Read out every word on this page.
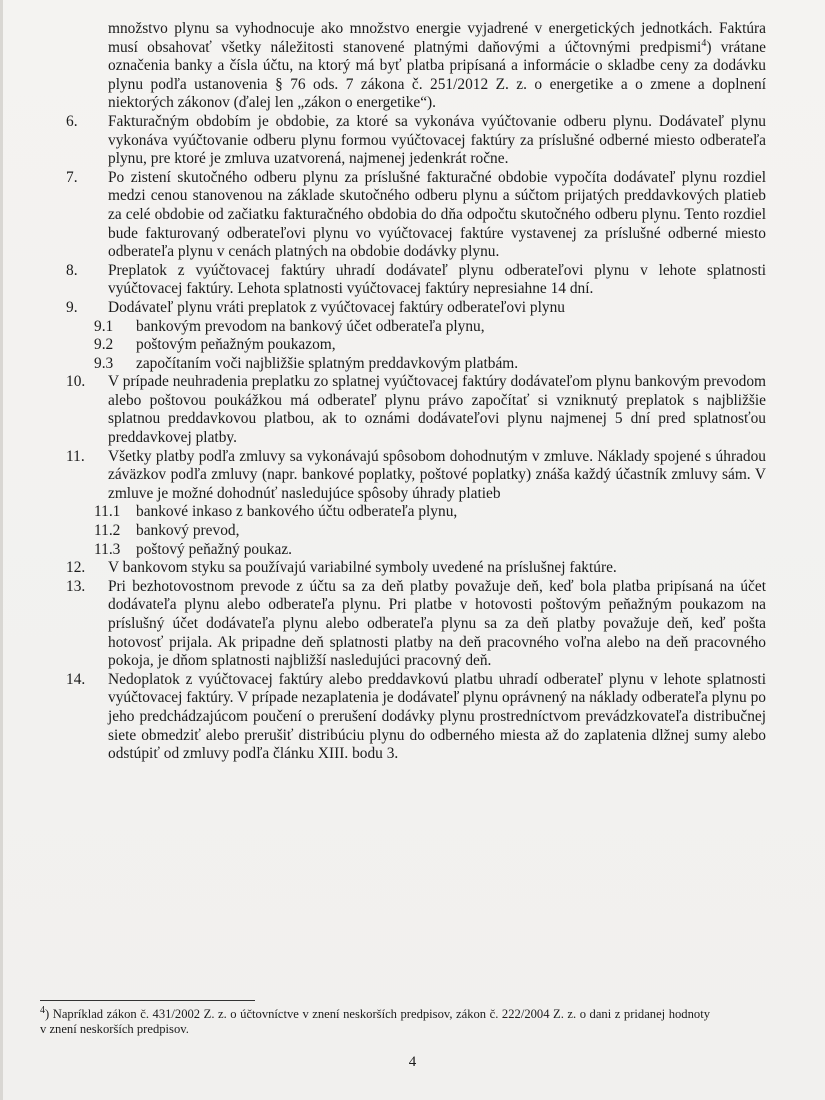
množstvo plynu sa vyhodnocuje ako množstvo energie vyjadrené v energetických jednotkách. Faktúra musí obsahovať všetky náležitosti stanovené platnými daňovými a účtovnými predpismi$^4$) vrátane označenia banky a čísla účtu, na ktorý má byť platba pripísaná a informácie o skladbe ceny za dodávku plynu podľa ustanovenia § 76 ods. 7 zákona č. 251/2012 Z. z. o energetike a o zmene a doplnení niektorých zákonov (ďalej len „zákon o energetike“).
6.	Fakturačným obdobím je obdobie, za ktoré sa vykonáva vyúčtovanie odberu plynu. Dodávateľ plynu vykonáva vyúčtovanie odberu plynu formou vyúčtovacej faktúry za príslušné odberné miesto odberateľa plynu, pre ktoré je zmluva uzatvorená, najmenej jedenkrát ročne.
7.	Po zistení skutočného odberu plynu za príslušné fakturačné obdobie vypočíta dodávateľ plynu rozdiel medzi cenou stanovenou na základe skutočného odberu plynu a súčtom prijatých preddavkových platieb za celé obdobie od začiatku fakturačného obdobia do dňa odpočtu skutočného odberu plynu. Tento rozdiel bude fakturovaný odberateľovi plynu vo vyúčtovacej faktúre vystavenej za príslušné odberné miesto odberateľa plynu v cenách platných na obdobie dodávky plynu.
8.	Preplatok z vyúčtovacej faktúry uhradí dodávateľ plynu odberateľovi plynu v lehote splatnosti vyúčtovacej faktúry. Lehota splatnosti vyúčtovacej faktúry nepresiahne 14 dní.
9.	Dodávateľ plynu vráti preplatok z vyúčtovacej faktúry odberateľovi plynu
9.1	bankovým prevodom na bankový účet odberateľa plynu,
9.2	poštovým peňažným poukazom,
9.3	započítaním voči najbližšie splatným preddavkovým platbám.
10.	V prípade neuhradenia preplatku zo splatnej vyúčtovacej faktúry dodávateľom plynu bankovým prevodom alebo poštovou poukážkou má odberateľ plynu právo započítať si vzniknutý preplatok s najbližšie splatnou preddavkovou platbou, ak to oznámi dodávateľovi plynu najmenej 5 dní pred splatnosťou preddavkovej platby.
11.	Všetky platby podľa zmluvy sa vykonávajú spôsobom dohodnutým v zmluve. Náklady spojené s úhradou záväzkov podľa zmluvy (napr. bankové poplatky, poštové poplatky) znáša každý účastník zmluvy sám. V zmluve je možné dohodnúť nasledujúce spôsoby úhrady platieb
11.1	bankové inkaso z bankového účtu odberateľa plynu,
11.2	bankový prevod,
11.3	poštový peňažný poukaz.
12.	V bankovom styku sa používajú variabilné symboly uvedené na príslušnej faktúre.
13.	Pri bezhotovostnom prevode z účtu sa za deň platby považuje deň, keď bola platba pripísaná na účet dodávateľa plynu alebo odberateľa plynu. Pri platbe v hotovosti poštovým peňažným poukazom na príslušný účet dodávateľa plynu alebo odberateľa plynu sa za deň platby považuje deň, keď pošta hotovosť prijala. Ak pripadne deň splatnosti platby na deň pracovného voľna alebo na deň pracovného pokoja, je dňom splatnosti najbližší nasledujúci pracovný deň.
14.	Nedoplatok z vyúčtovacej faktúry alebo preddavkovú platbu uhradí odberateľ plynu v lehote splatnosti vyúčtovacej faktúry. V prípade nezaplatenia je dodávateľ plynu oprávnený na náklady odberateľa plynu po jeho predchádzajúcom poučení o prerušení dodávky plynu prostredníctvom prevádzkovateľa distribučnej siete obmedziť alebo prerušiť distribúciu plynu do odberného miesta až do zaplatenia dlžnej sumy alebo odstúpiť od zmluvy podľa článku XIII. bodu 3.
$^4$) Napríklad zákon č. 431/2002 Z. z. o účtovníctve v znení neskorších predpisov, zákon č. 222/2004 Z. z. o dani z pridanej hodnoty v znení neskorších predpisov.
4
